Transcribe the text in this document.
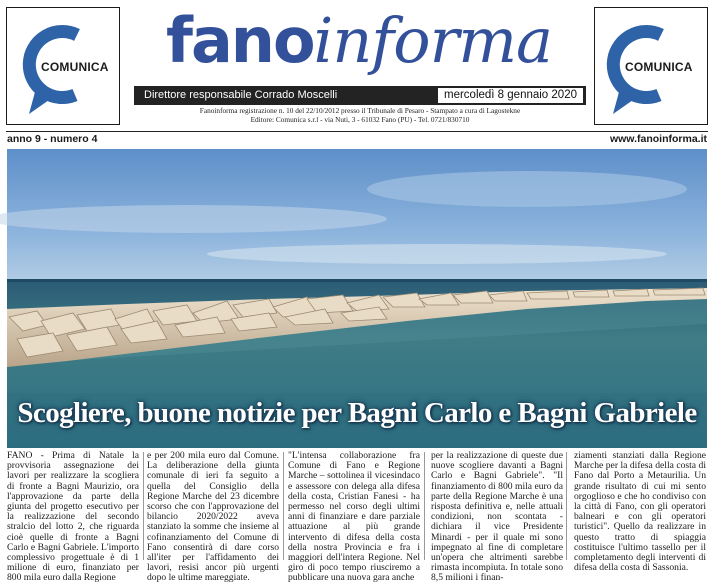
COMUNICA	COMUNICA
fanoinforma
Direttore responsabile Corrado Moscelli	mercoledì 8 gennaio 2020
Fanoinforma registrazione n. 10 del 22/10/2012 presso il Tribunale di Pesaro - Stampato a cura di Lagostekne
Editore: Comunica s.r.l - via Nuti, 3 - 61032 Fano (PU) - Tel. 0721/830710
anno 9 - numero 4	www.fanoinforma.it
Scogliere, buone notizie per Bagni Carlo e Bagni Gabriele

FANO - Prima di Natale la provvisoria assegnazione dei lavori per realizzare la scogliera di fronte a Bagni Maurizio, ora l'approvazione da parte della giunta del progetto esecutivo per la realizzazione del secondo stralcio del lotto 2, che riguarda cioè quelle di fronte a Bagni Carlo e Bagni Gabriele. L'importo complessivo progettuale è di 1 milione di euro, finanziato per 800 mila euro dalla Regione

e per 200 mila euro dal Comune. La deliberazione della giunta comunale di ieri fa seguito a quella del Consiglio della Regione Marche del 23 dicembre scorso che con l'approvazione del bilancio 2020/2022 aveva stanziato la somme che insieme al cofinanziamento del Comune di Fano consentirà di dare corso all'iter per l'affidamento dei lavori, resisi ancor più urgenti dopo le ultime mareggiate.

"L'intensa collaborazione fra Comune di Fano e Regione Marche – sottolinea il vicesindaco e assessore con delega alla difesa della costa, Cristian Fanesi - ha permesso nel corso degli ultimi anni di finanziare e dare parziale attuazione al più grande intervento di difesa della costa della nostra Provincia e fra i maggiori dell'intera Regione. Nel giro di poco tempo riusciremo a pubblicare una nuova gara anche

per la realizzazione di queste due nuove scogliere davanti a Bagni Carlo e Bagni Gabriele". "Il finanziamento di 800 mila euro da parte della Regione Marche è una risposta definitiva e, nelle attuali condizioni, non scontata - dichiara il vice Presidente Minardi - per il quale mi sono impegnato al fine di completare un'opera che altrimenti sarebbe rimasta incompiuta. In totale sono 8,5 milioni i finan-

ziamenti stanziati dalla Regione Marche per la difesa della costa di Fano dal Porto a Metaurilia. Un grande risultato di cui mi sento orgoglioso e che ho condiviso con la città di Fano, con gli operatori balneari e con gli operatori turistici". Quello da realizzare in questo tratto di spiaggia costituisce l'ultimo tassello per il completamento degli interventi di difesa della costa di Sassonia.
